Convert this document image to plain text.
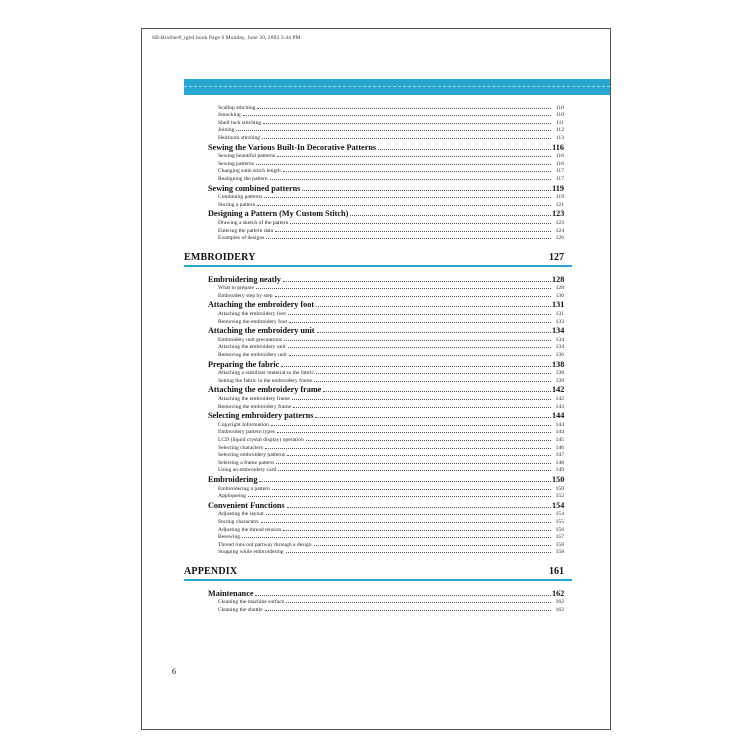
SB-Brother8_rglel.book Page 6 Monday, June 30, 2003 3:44 PM
Scallop stitching	110
Smocking	110
Shell tuck stitching	111
Joining	112
Heirloom stitching	113
Sewing the Various Built-In Decorative Patterns	116
Sewing beautiful patterns	116
Sewing patterns	116
Changing satin stitch length	117
Realigning the pattern	117
Sewing combined patterns	119
Combining patterns	119
Storing a pattern	121
Designing a Pattern (My Custom Stitch)	123
Drawing a sketch of the pattern	123
Entering the pattern data	124
Examples of designs	126
EMBROIDERY	127
Embroidering neatly	128
What to prepare	128
Embroidery step by step	130
Attaching the embroidery foot	131
Attaching the embroidery foot	131
Removing the embroidery foot	133
Attaching the embroidery unit	134
Embroidery unit precautions	134
Attaching the embroidery unit	134
Removing the embroidery unit	136
Preparing the fabric	138
Attaching a stabilizer material to the fabric	138
Setting the fabric in the embroidery frame	139
Attaching the embroidery frame	142
Attaching the embroidery frame	142
Removing the embroidery frame	143
Selecting embroidery patterns	144
Copyright Information	144
Embroidery pattern types	144
LCD (liquid crystal display) operation	145
Selecting characters	146
Selecting embroidery patterns	147
Selecting a frame pattern	148
Using an embroidery card	149
Embroidering	150
Embroidering a pattern	150
Appliqueing	152
Convenient Functions	154
Adjusting the layout	154
Storing characters	155
Adjusting the thread tension	156
Resewing	157
Thread runs out partway through a design	158
Stopping while embroidering	158
APPENDIX	161
Maintenance	162
Cleaning the machine surface	162
Cleaning the shuttle	162
6
